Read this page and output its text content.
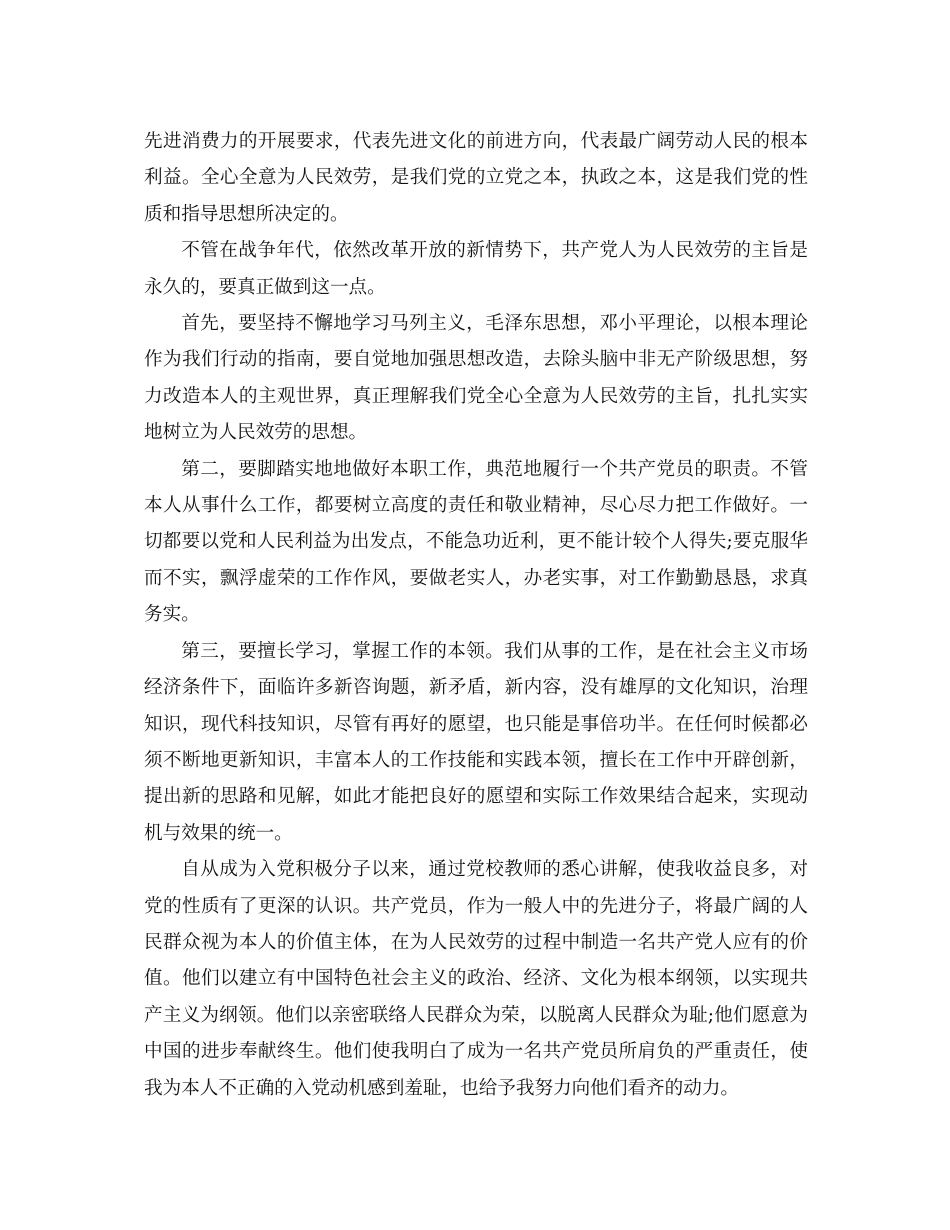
先进消费力的开展要求，代表先进文化的前进方向，代表最广阔劳动人民的根本利益。全心全意为人民效劳，是我们党的立党之本，执政之本，这是我们党的性质和指导思想所决定的。

不管在战争年代，依然改革开放的新情势下，共产党人为人民效劳的主旨是永久的，要真正做到这一点。

首先，要坚持不懈地学习马列主义，毛泽东思想，邓小平理论，以根本理论作为我们行动的指南，要自觉地加强思想改造，去除头脑中非无产阶级思想，努力改造本人的主观世界，真正理解我们党全心全意为人民效劳的主旨，扎扎实实地树立为人民效劳的思想。

第二，要脚踏实地地做好本职工作，典范地履行一个共产党员的职责。不管本人从事什么工作，都要树立高度的责任和敬业精神，尽心尽力把工作做好。一切都要以党和人民利益为出发点，不能急功近利，更不能计较个人得失;要克服华而不实，飘浮虚荣的工作作风，要做老实人，办老实事，对工作勤勤恳恳，求真务实。

第三，要擅长学习，掌握工作的本领。我们从事的工作，是在社会主义市场经济条件下，面临许多新咨询题，新矛盾，新内容，没有雄厚的文化知识，治理知识，现代科技知识，尽管有再好的愿望，也只能是事倍功半。在任何时候都必须不断地更新知识，丰富本人的工作技能和实践本领，擅长在工作中开辟创新，提出新的思路和见解，如此才能把良好的愿望和实际工作效果结合起来，实现动机与效果的统一。

自从成为入党积极分子以来，通过党校教师的悉心讲解，使我收益良多，对党的性质有了更深的认识。共产党员，作为一般人中的先进分子，将最广阔的人民群众视为本人的价值主体，在为人民效劳的过程中制造一名共产党人应有的价值。他们以建立有中国特色社会主义的政治、经济、文化为根本纲领，以实现共产主义为纲领。他们以亲密联络人民群众为荣，以脱离人民群众为耻;他们愿意为中国的进步奉献终生。他们使我明白了成为一名共产党员所肩负的严重责任，使我为本人不正确的入党动机感到羞耻，也给予我努力向他们看齐的动力。
